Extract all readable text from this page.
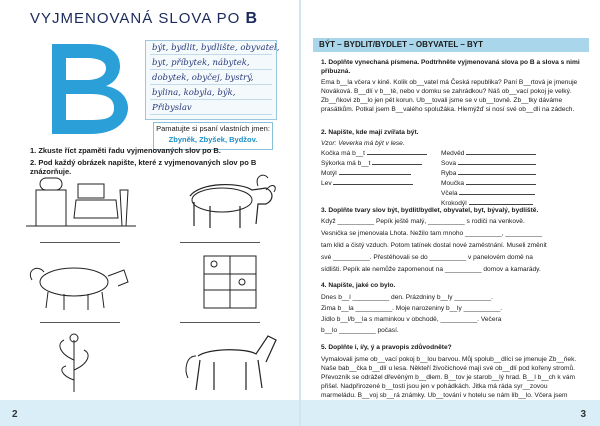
VYJMENOVANÁ SLOVA PO B
být, bydlit, bydlište, obyvatel,
byt, příbytek, nábytek,
dobytek, obyčej, bystrý,
bylina, kobyla, býk,
Přibyslav
Pamatujte si psaní vlastních jmen:
Zbyněk, Zbyšek, Bydžov.
1. Zkuste říct zpaměti řadu vyjmenovaných slov po B.
2. Pod každý obrázek napište, které z vyjmenovaných slov po B znázorňuje.
2
BÝT – BYDLIT/BYDLET – OBYVATEL – BYT
1. Doplňte vynechaná písmena. Podtrhněte vyjmenovaná slova po B a slova s nimi příbuzná.
Ema b__la včera v kině. Kolik ob__vatel má Česká republika? Paní B__rtová je jmenuje Nováková. B__dlí v b__tě, nebo v domku se zahrádkou? Náš ob__vací pokoj je velký. Zb__ňkovi zb__lo jen pět korun. Ub__tovali jsme se v ub__tovně. Zb__tky dáváme prasátkům. Potkal jsem B__valého spolužáka. Hlemýžď si nosí své ob__dlí na zádech.
2. Napište, kde mají zvířata být.
Vzor: Veverka má být v lese.
Kočka má b__t	Medvěd
Sýkorka má b__t	Sova
Motýl	Ryba
Lev	Moučka
Včela
Krokodýl
3. Doplňte tvary slov být, bydlit/bydlet, obyvatel, byt, bývalý, bydliště.
Když __________ Pepík ještě malý, __________ s rodiči na venkově.
Vesnička se jmenovala Lhota. Nežilo tam mnoho __________, __________
tam klid a čistý vzduch. Potom tatínek dostal nové zaměstnání. Museli změnit
své __________. Přestěhovali se do __________ v panelovém domě na
sídlišti. Pepík ale nemůže zapomenout na __________ domov a kamarády.
4. Napište, jaké co bylo.
Dnes b__l __________ den. Prázdniny b__ly __________.
Zima b__la __________. Moje narozeniny b__ly __________.
Jídlo b__l/b__la s maminkou v obchodě, __________. Večera
b__lo __________ počasí.
5. Doplňte i, í/y, ý a pravopis zdůvodněte?
Vymalovali jsme ob__vací pokoj b__lou barvou. Můj spolub__dlící se jmenuje Zb__ňek. Naše bab__čka b__dlí u lesa. Někteří živočichové mají své ob__dlí pod kořeny stromů. Převozník se odrážel dřevěným b__dlem. B__tov je starob__lý hrad. B__l b__ch k vám přišel. Nadpřirozené b__tosti jsou jen v pohádkách. Jitka má ráda syr__zovou marmeládu. B__voj sb__rá známky. Ub__tování v hotelu se nám líb__lo. Včera jsem
3
